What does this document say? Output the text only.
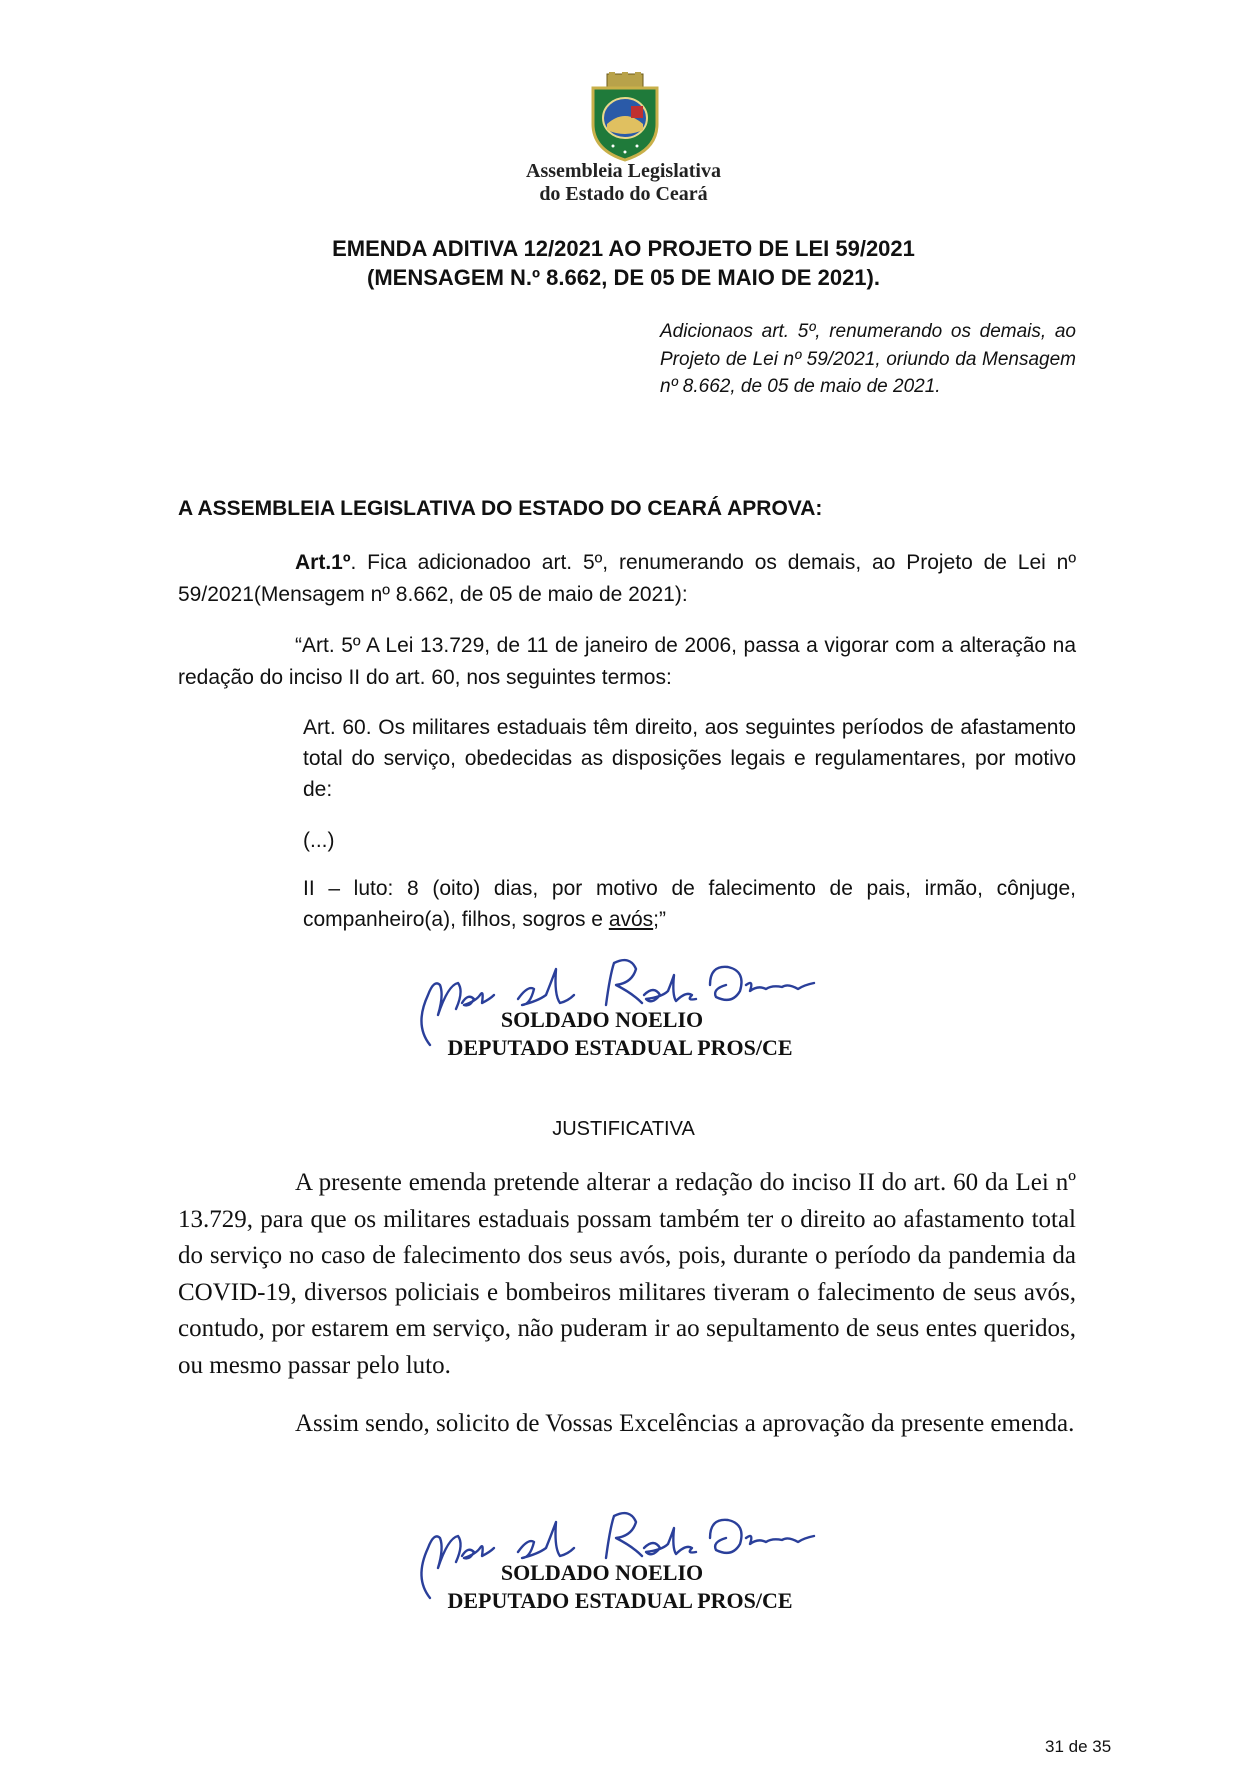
Assembleia Legislativa
do Estado do Ceará
EMENDA ADITIVA 12/2021 AO PROJETO DE LEI 59/2021
(MENSAGEM N.º 8.662, DE 05 DE MAIO DE 2021).
Adicionaos art. 5º, renumerando os demais, ao Projeto de Lei nº 59/2021, oriundo da Mensagem nº 8.662, de 05 de maio de 2021.
A ASSEMBLEIA LEGISLATIVA DO ESTADO DO CEARÁ APROVA:
Art.1º. Fica adicionadoo art. 5º, renumerando os demais, ao Projeto de Lei nº 59/2021(Mensagem nº 8.662, de 05 de maio de 2021):
“Art. 5º A Lei 13.729, de 11 de janeiro de 2006, passa a vigorar com a alteração na redação do inciso II do art. 60, nos seguintes termos:
Art. 60. Os militares estaduais têm direito, aos seguintes períodos de afastamento total do serviço, obedecidas as disposições legais e regulamentares, por motivo de:
(...)
II – luto: 8 (oito) dias, por motivo de falecimento de pais, irmão, cônjuge, companheiro(a), filhos, sogros e avós;”
SOLDADO NOELIO
DEPUTADO ESTADUAL PROS/CE
JUSTIFICATIVA
A presente emenda pretende alterar a redação do inciso II do art. 60 da Lei nº 13.729, para que os militares estaduais possam também ter o direito ao afastamento total do serviço no caso de falecimento dos seus avós, pois, durante o período da pandemia da COVID-19, diversos policiais e bombeiros militares tiveram o falecimento de seus avós, contudo, por estarem em serviço, não puderam ir ao sepultamento de seus entes queridos, ou mesmo passar pelo luto.
Assim sendo, solicito de Vossas Excelências a aprovação da presente emenda.
SOLDADO NOELIO
DEPUTADO ESTADUAL PROS/CE
31 de 35
